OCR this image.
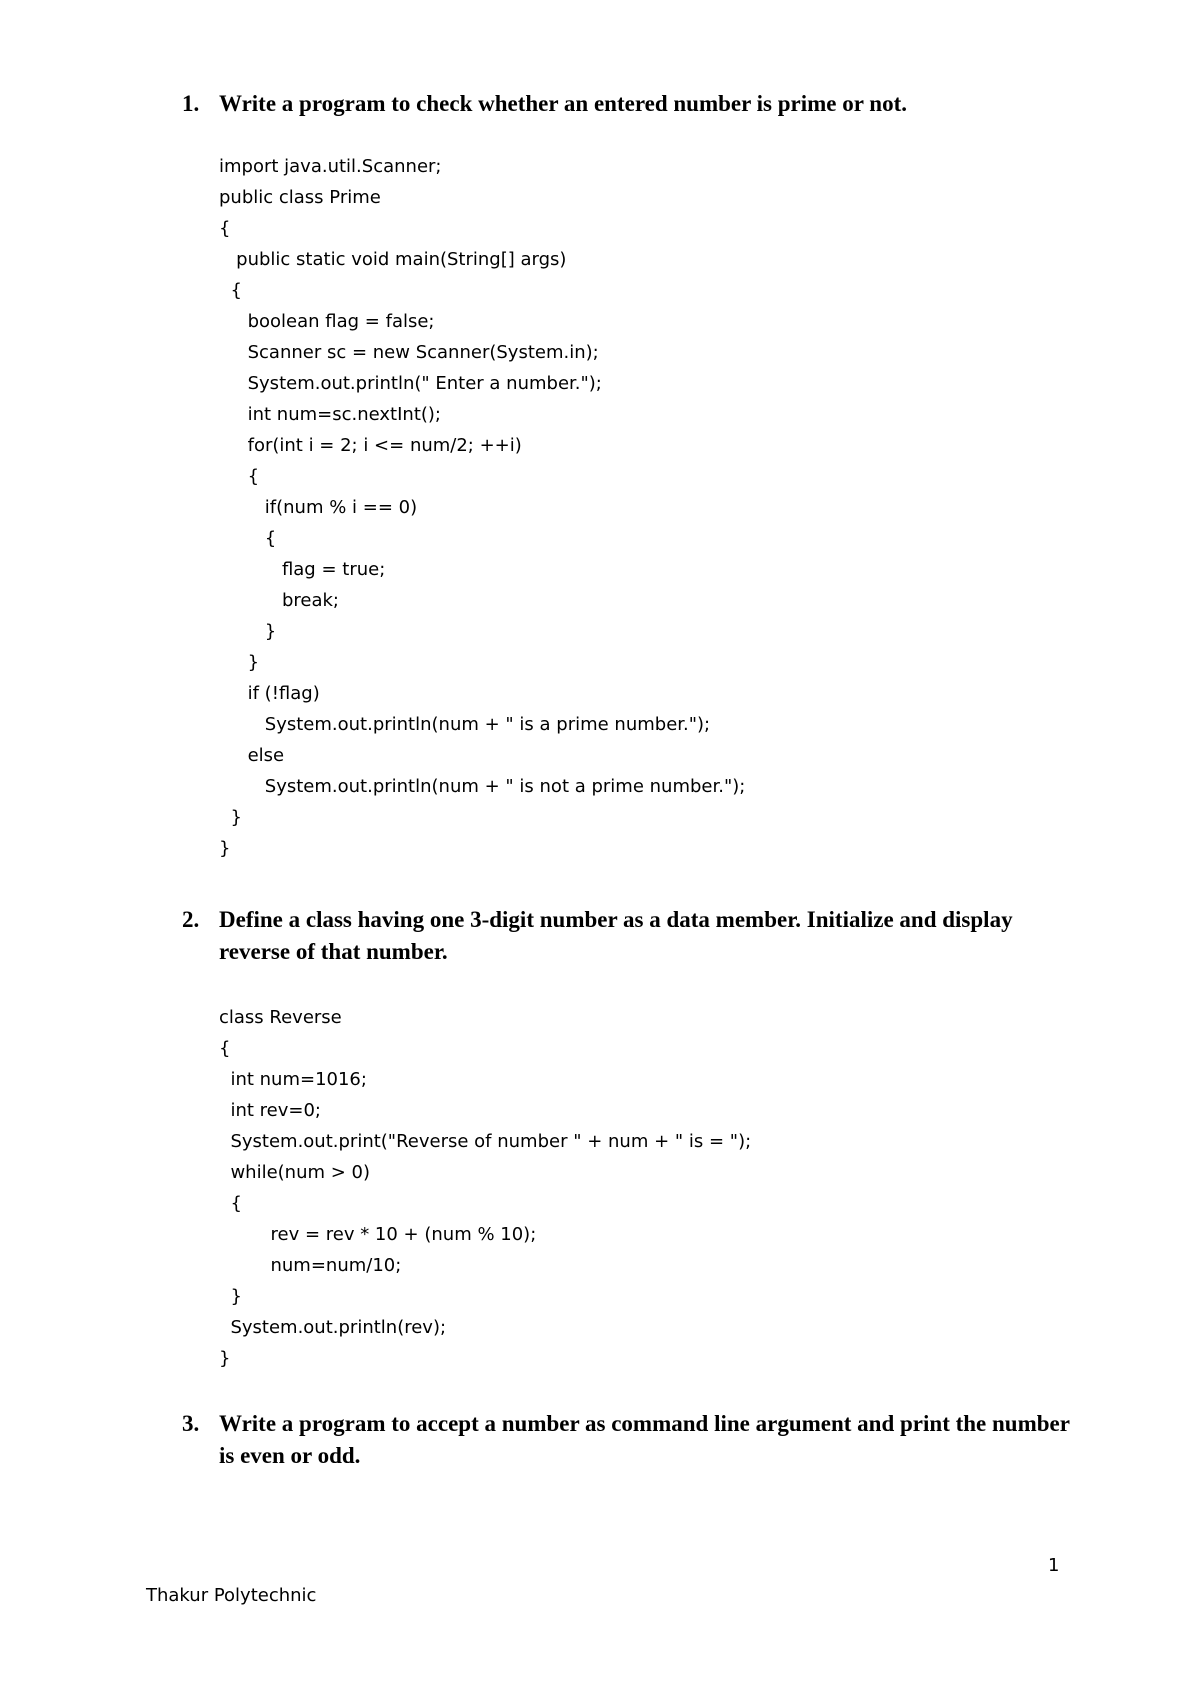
1. Write a program to check whether an entered number is prime or not.
import java.util.Scanner;
public class Prime
{
public static void main(String[] args)
{
boolean flag = false;
Scanner sc = new Scanner(System.in);
System.out.println(" Enter a number.");
int num=sc.nextInt();
for(int i = 2; i <= num/2; ++i)
{
if(num % i == 0)
{
flag = true;
break;
}
}
if (!flag)
System.out.println(num + " is a prime number.");
else
System.out.println(num + " is not a prime number.");
}
}
2. Define a class having one 3-digit number as a data member. Initialize and display reverse of that number.
class Reverse
{
int num=1016;
int rev=0;
System.out.print("Reverse of number " + num + " is = ");
while(num > 0)
{
rev = rev * 10 + (num % 10);
num=num/10;
}
System.out.println(rev);
}
3. Write a program to accept a number as command line argument and print the number is even or odd.
1
Thakur Polytechnic
